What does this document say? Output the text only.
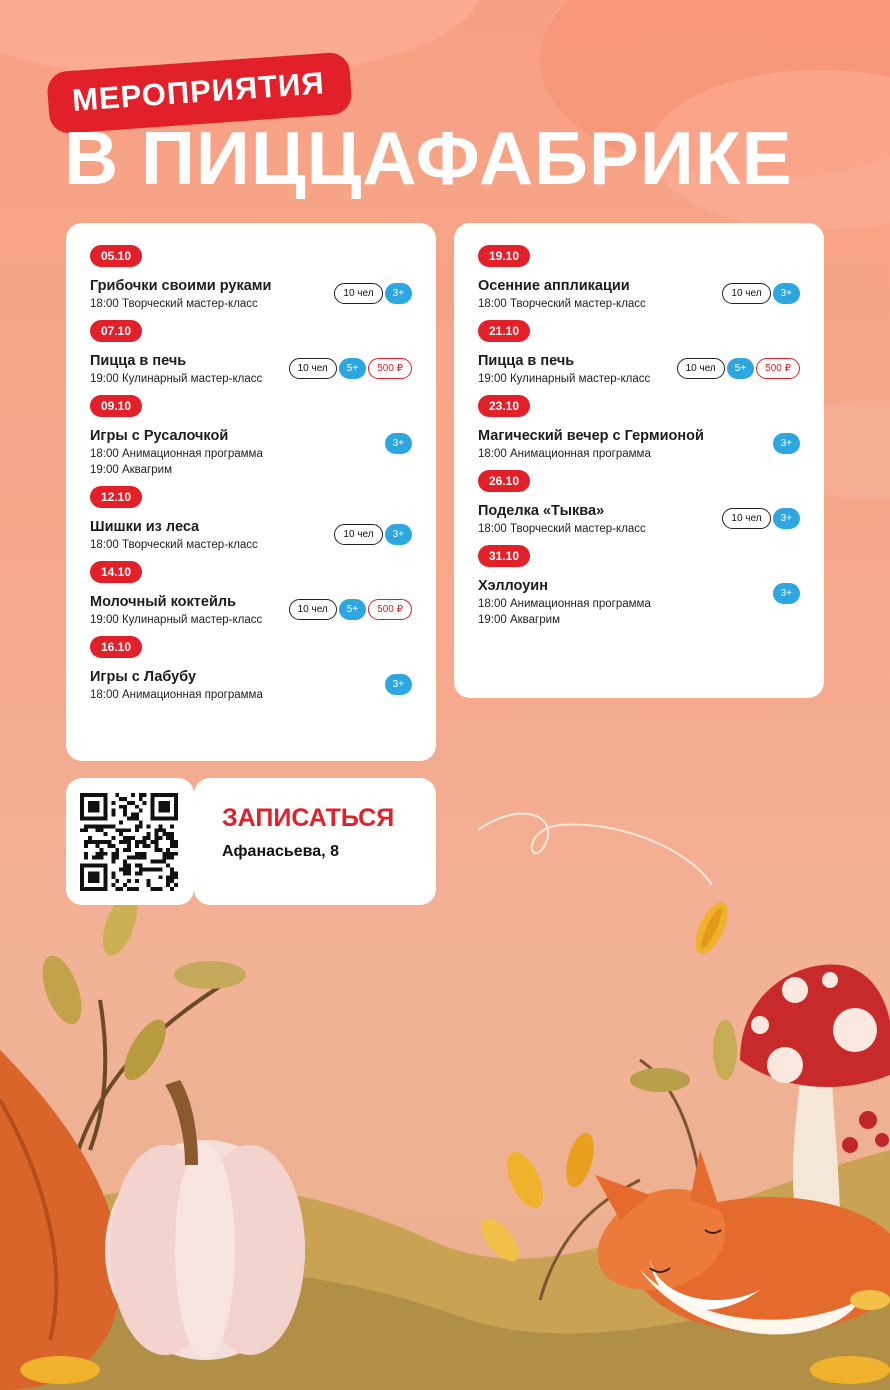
МЕРОПРИЯТИЯ
В ПИЦЦАФАБРИКЕ
05.10
Грибочки своими руками
18:00 Творческий мастер-класс
10 чел	3+
07.10
Пицца в печь
19:00 Кулинарный мастер-класс
10 чел	5+	500 ₽
09.10
Игры с Русалочкой
18:00 Анимационная программа
19:00 Аквагрим
3+
12.10
Шишки из леса
18:00 Творческий мастер-класс
10 чел	3+
14.10
Молочный коктейль
19:00 Кулинарный мастер-класс
10 чел	5+	500 ₽
16.10
Игры с Лабубу
18:00 Анимационная программа
3+
19.10
Осенние аппликации
18:00 Творческий мастер-класс
10 чел	3+
21.10
Пицца в печь
19:00 Кулинарный мастер-класс
10 чел	5+	500 ₽
23.10
Магический вечер с Гермионой
18:00 Анимационная программа
3+
26.10
Поделка «Тыква»
18:00 Творческий мастер-класс
10 чел	3+
31.10
Хэллоуин
18:00 Анимационная программа
19:00 Аквагрим
3+
ЗАПИСАТЬСЯ
Афанасьева, 8
